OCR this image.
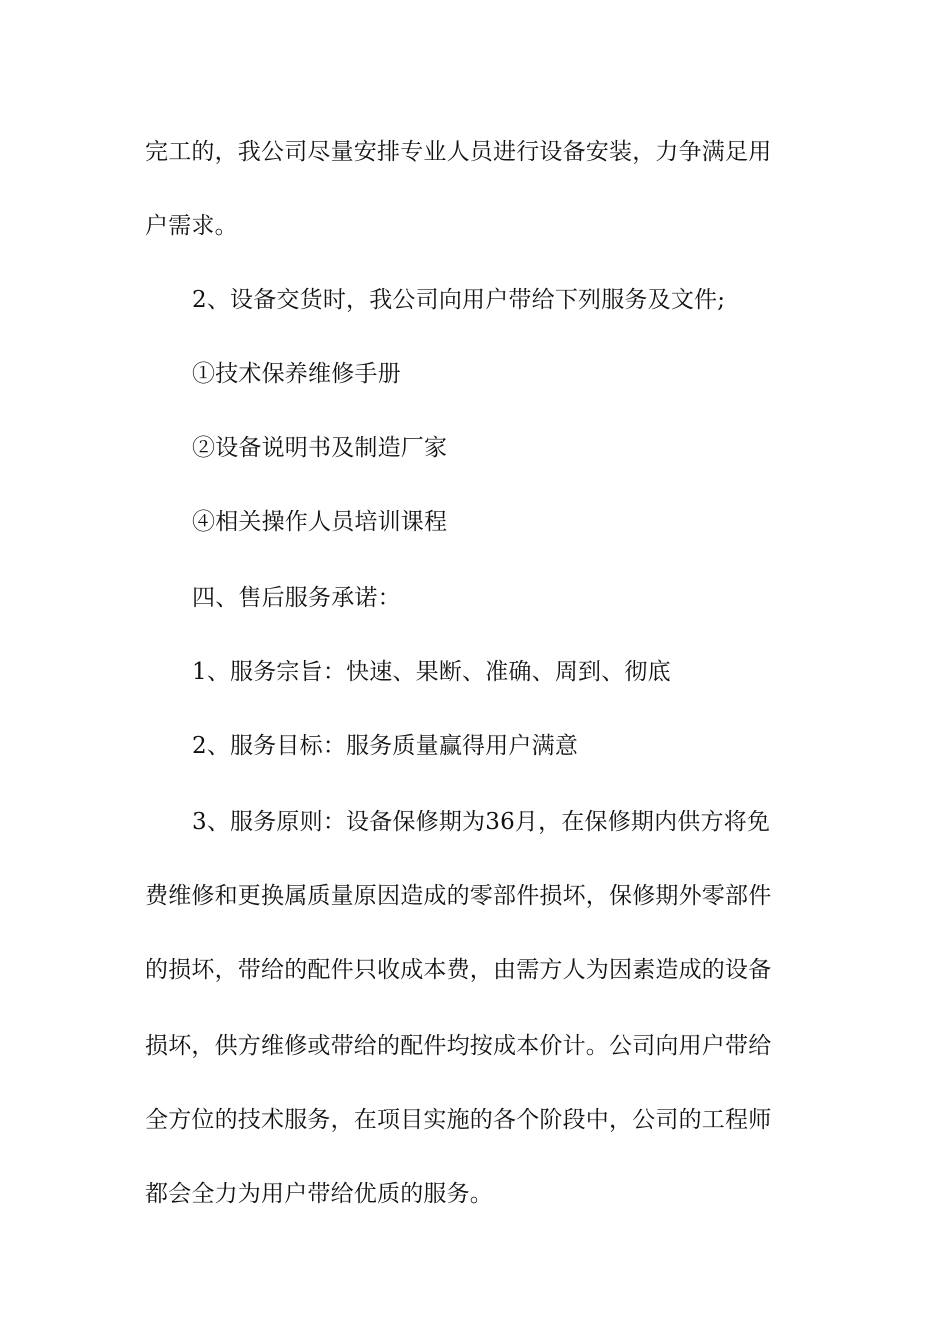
完工的，我公司尽量安排专业人员进行设备安装，力争满足用
户需求。
2、设备交货时，我公司向用户带给下列服务及文件;
①技术保养维修手册
②设备说明书及制造厂家
④相关操作人员培训课程
四、售后服务承诺：
1、服务宗旨：快速、果断、准确、周到、彻底
2、服务目标：服务质量赢得用户满意
3、服务原则：设备保修期为36月，在保修期内供方将免
费维修和更换属质量原因造成的零部件损坏，保修期外零部件
的损坏，带给的配件只收成本费，由需方人为因素造成的设备
损坏，供方维修或带给的配件均按成本价计。公司向用户带给
全方位的技术服务，在项目实施的各个阶段中，公司的工程师
都会全力为用户带给优质的服务。
